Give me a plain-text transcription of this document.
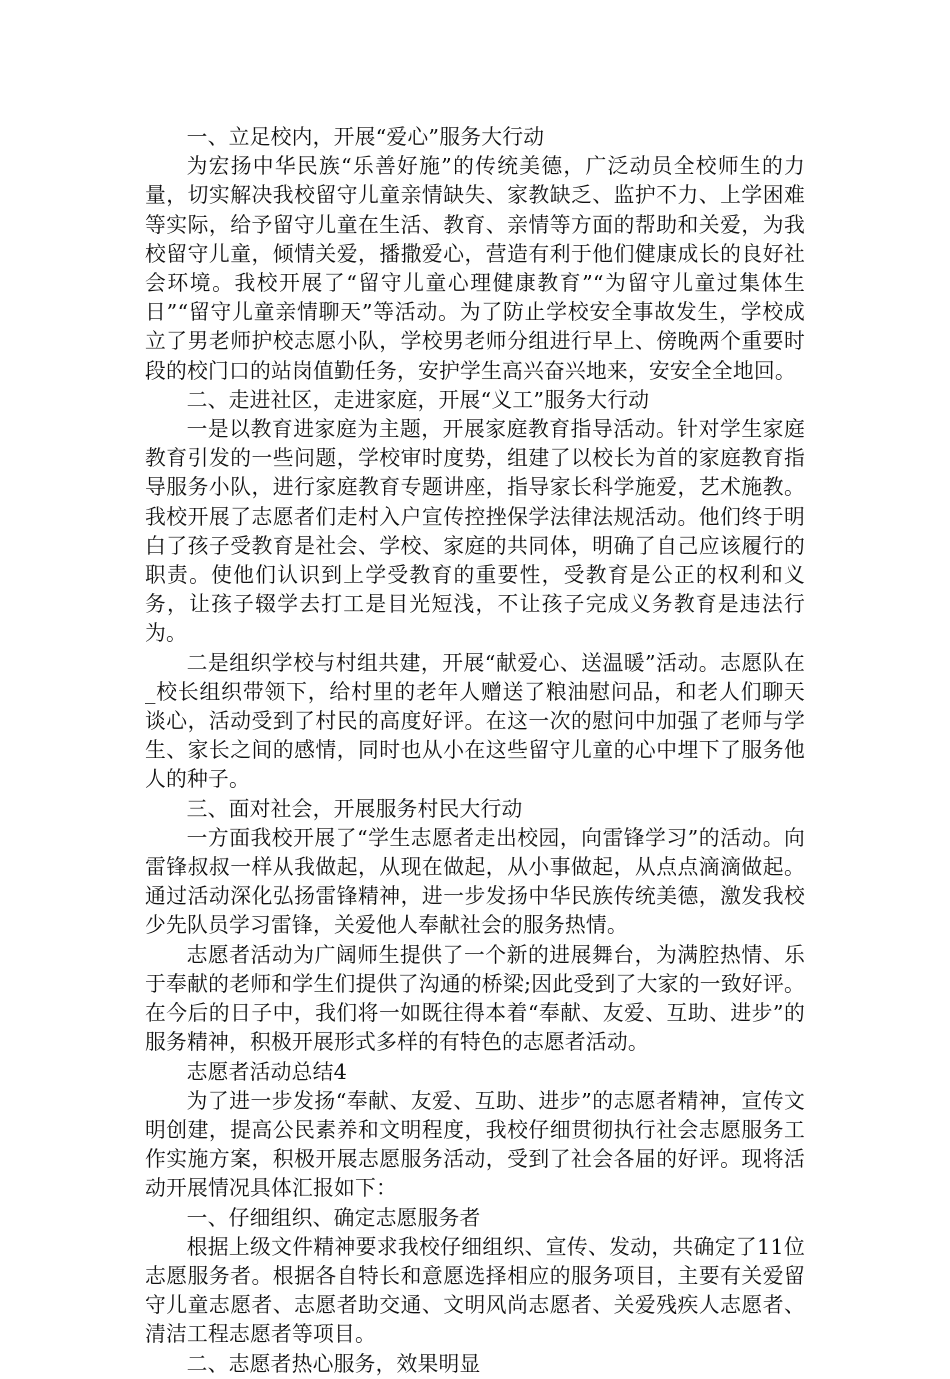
一、立足校内，开展“爱心”服务大行动

为宏扬中华民族“乐善好施”的传统美德，广泛动员全校师生的力量，切实解决我校留守儿童亲情缺失、家教缺乏、监护不力、上学困难等实际，给予留守儿童在生活、教育、亲情等方面的帮助和关爱，为我校留守儿童，倾情关爱，播撒爱心，营造有利于他们健康成长的良好社会环境。我校开展了“留守儿童心理健康教育”“为留守儿童过集体生日”“留守儿童亲情聊天”等活动。为了防止学校安全事故发生，学校成立了男老师护校志愿小队，学校男老师分组进行早上、傍晚两个重要时段的校门口的站岗值勤任务，安护学生高兴奋兴地来，安安全全地回。

二、走进社区，走进家庭，开展“义工”服务大行动

一是以教育进家庭为主题，开展家庭教育指导活动。针对学生家庭教育引发的一些问题，学校审时度势，组建了以校长为首的家庭教育指导服务小队，进行家庭教育专题讲座，指导家长科学施爱，艺术施教。我校开展了志愿者们走村入户宣传控挫保学法律法规活动。他们终于明白了孩子受教育是社会、学校、家庭的共同体，明确了自己应该履行的职责。使他们认识到上学受教育的重要性，受教育是公正的权利和义务，让孩子辍学去打工是目光短浅，不让孩子完成义务教育是违法行为。

二是组织学校与村组共建，开展“献爱心、送温暖”活动。志愿队在_校长组织带领下，给村里的老年人赠送了粮油慰问品，和老人们聊天谈心，活动受到了村民的高度好评。在这一次的慰问中加强了老师与学生、家长之间的感情，同时也从小在这些留守儿童的心中埋下了服务他人的种子。

三、面对社会，开展服务村民大行动

一方面我校开展了“学生志愿者走出校园，向雷锋学习”的活动。向雷锋叔叔一样从我做起，从现在做起，从小事做起，从点点滴滴做起。通过活动深化弘扬雷锋精神，进一步发扬中华民族传统美德，激发我校少先队员学习雷锋，关爱他人奉献社会的服务热情。

志愿者活动为广阔师生提供了一个新的进展舞台，为满腔热情、乐于奉献的老师和学生们提供了沟通的桥梁;因此受到了大家的一致好评。在今后的日子中，我们将一如既往得本着“奉献、友爱、互助、进步”的服务精神，积极开展形式多样的有特色的志愿者活动。

志愿者活动总结4

为了进一步发扬“奉献、友爱、互助、进步”的志愿者精神，宣传文明创建，提高公民素养和文明程度，我校仔细贯彻执行社会志愿服务工作实施方案，积极开展志愿服务活动，受到了社会各届的好评。现将活动开展情况具体汇报如下：

一、仔细组织、确定志愿服务者

根据上级文件精神要求我校仔细组织、宣传、发动，共确定了11位志愿服务者。根据各自特长和意愿选择相应的服务项目，主要有关爱留守儿童志愿者、志愿者助交通、文明风尚志愿者、关爱残疾人志愿者、清洁工程志愿者等项目。

二、志愿者热心服务，效果明显
